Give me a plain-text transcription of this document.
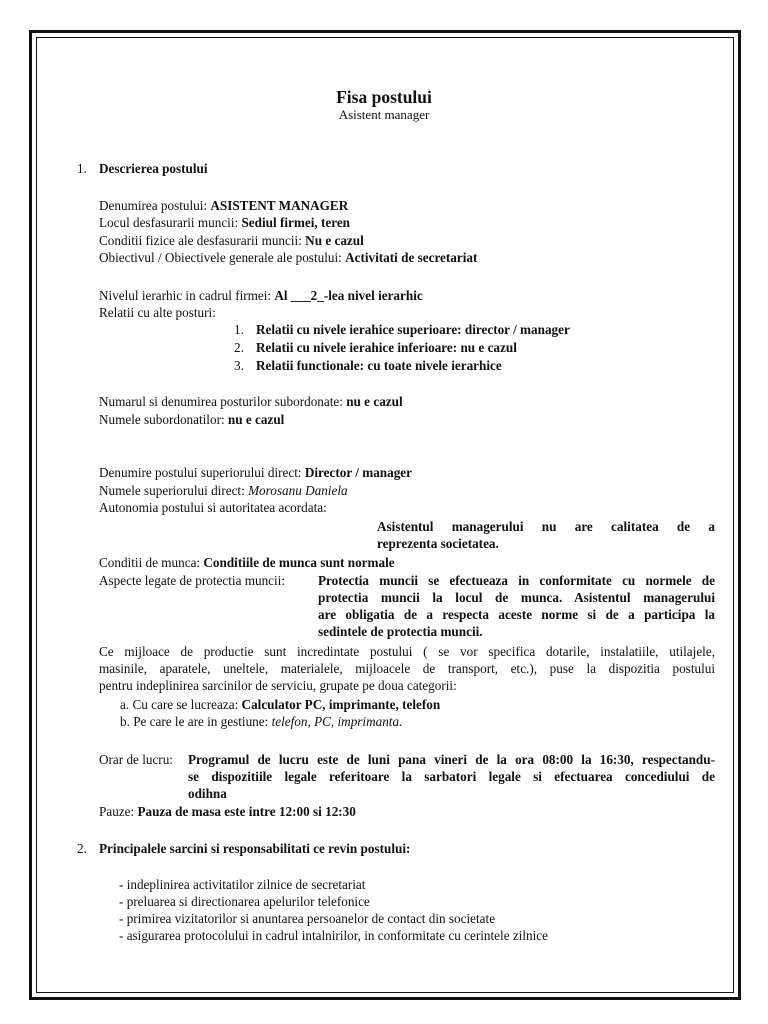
Fisa postului
Asistent manager
1. Descrierea postului
Denumirea postului: ASISTENT MANAGER
Locul desfasurarii muncii: Sediul firmei, teren
Conditii fizice ale desfasurarii muncii: Nu e cazul
Obiectivul / Obiectivele generale ale postului: Activitati de secretariat
Nivelul ierarhic in cadrul firmei: Al ___2_-lea nivel ierarhic
Relatii cu alte posturi:
1. Relatii cu nivele ierahice superioare: director / manager
2. Relatii cu nivele ierahice inferioare: nu e cazul
3. Relatii functionale: cu toate nivele ierarhice
Numarul si denumirea posturilor subordonate: nu e cazul
Numele subordonatilor: nu e cazul
Denumire postului superiorului direct: Director / manager
Numele superiorului direct: Morosanu Daniela
Autonomia postului si autoritatea acordata:
Asistentul managerului nu are calitatea de a
reprezenta societatea.
Conditii de munca: Conditiile de munca sunt normale
Aspecte legate de protectia muncii: Protectia muncii se efectueaza in conformitate cu normele de
protectia muncii la locul de munca. Asistentul managerului
are obligatia de a respecta aceste norme si de a participa la
sedintele de protectia muncii.
Ce mijloace de productie sunt incredintate postului ( se vor specifica dotarile, instalatiile, utilajele,
masinile, aparatele, uneltele, materialele, mijloacele de transport, etc.), puse la dispozitia postului
pentru indeplinirea sarcinilor de serviciu, grupate pe doua categorii:
a. Cu care se lucreaza: Calculator PC, imprimante, telefon
b. Pe care le are in gestiune: telefon, PC, imprimanta.
Orar de lucru: Programul de lucru este de luni pana vineri de la ora 08:00 la 16:30, respectandu-
se dispozitiile legale referitoare la sarbatori legale si efectuarea concediului de
odihna
Pauze: Pauza de masa este intre 12:00 si 12:30
2. Principalele sarcini si responsabilitati ce revin postului:
- indeplinirea activitatilor zilnice de secretariat
- preluarea si directionarea apelurilor telefonice
- primirea vizitatorilor si anuntarea persoanelor de contact din societate
- asigurarea protocolului in cadrul intalnirilor, in conformitate cu cerintele zilnice
